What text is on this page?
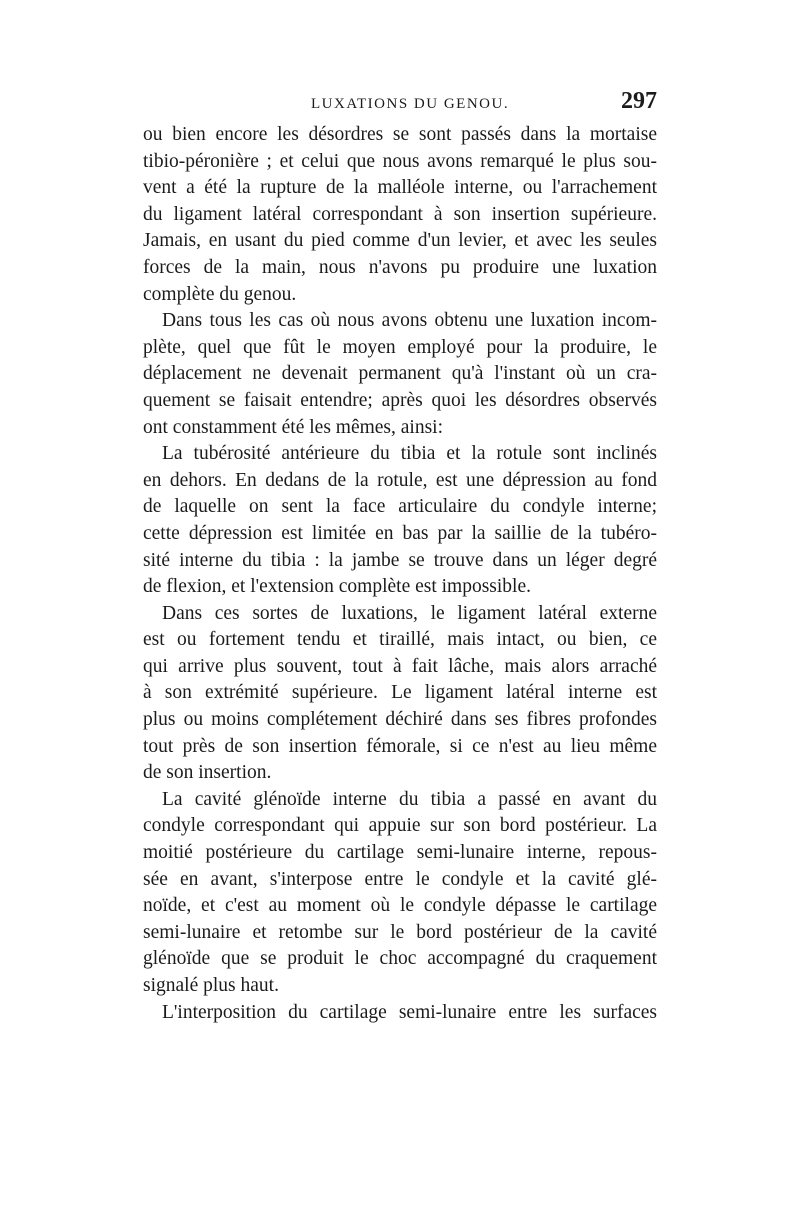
LUXATIONS DU GENOU.	297
ou bien encore les désordres se sont passés dans la mortaise
tibio-péronière ; et celui que nous avons remarqué le plus sou-
vent a été la rupture de la malléole interne, ou l'arrachement
du ligament latéral correspondant à son insertion supérieure.
Jamais, en usant du pied comme d'un levier, et avec les seules
forces de la main, nous n'avons pu produire une luxation
complète du genou.
Dans tous les cas où nous avons obtenu une luxation incom-
plète, quel que fût le moyen employé pour la produire, le
déplacement ne devenait permanent qu'à l'instant où un cra-
quement se faisait entendre; après quoi les désordres observés
ont constamment été les mêmes, ainsi:
La tubérosité antérieure du tibia et la rotule sont inclinés
en dehors. En dedans de la rotule, est une dépression au fond
de laquelle on sent la face articulaire du condyle interne;
cette dépression est limitée en bas par la saillie de la tubéro-
sité interne du tibia : la jambe se trouve dans un léger degré
de flexion, et l'extension complète est impossible.
Dans ces sortes de luxations, le ligament latéral externe
est ou fortement tendu et tiraillé, mais intact, ou bien, ce
qui arrive plus souvent, tout à fait lâche, mais alors arraché
à son extrémité supérieure. Le ligament latéral interne est
plus ou moins complétement déchiré dans ses fibres profondes
tout près de son insertion fémorale, si ce n'est au lieu même
de son insertion.
La cavité glénoïde interne du tibia a passé en avant du
condyle correspondant qui appuie sur son bord postérieur. La
moitié postérieure du cartilage semi-lunaire interne, repous-
sée en avant, s'interpose entre le condyle et la cavité glé-
noïde, et c'est au moment où le condyle dépasse le cartilage
semi-lunaire et retombe sur le bord postérieur de la cavité
glénoïde que se produit le choc accompagné du craquement
signalé plus haut.
L'interposition du cartilage semi-lunaire entre les surfaces
